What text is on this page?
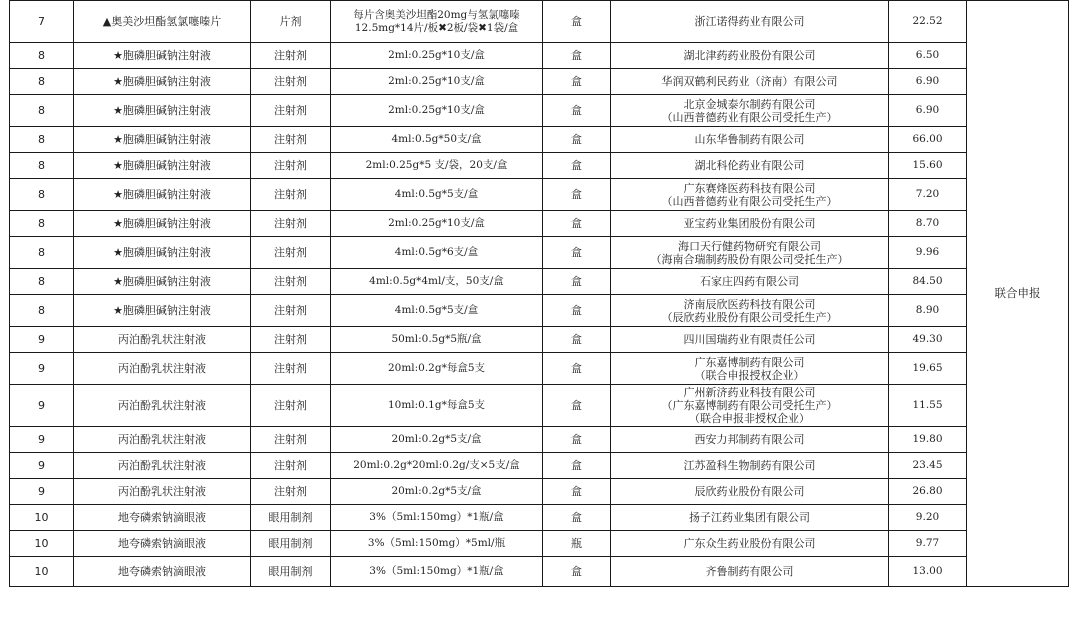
7	▲奥美沙坦酯氢氯噻嗪片	片剂	每片含奥美沙坦酯20mg与氢氯噻嗪
12.5mg*14片/板✖2板/袋✖1袋/盒	盒	浙江诺得药业有限公司	22.52	联合申报
8	★胞磷胆碱钠注射液	注射剂	2ml:0.25g*10支/盒	盒	湖北津药药业股份有限公司	6.50	
8	★胞磷胆碱钠注射液	注射剂	2ml:0.25g*10支/盒	盒	华润双鹤利民药业（济南）有限公司	6.90	
8	★胞磷胆碱钠注射液	注射剂	2ml:0.25g*10支/盒	盒	北京金城泰尔制药有限公司
（山西普德药业有限公司受托生产）	6.90	
8	★胞磷胆碱钠注射液	注射剂	4ml:0.5g*50支/盒	盒	山东华鲁制药有限公司	66.00	
8	★胞磷胆碱钠注射液	注射剂	2ml:0.25g*5 支/袋，20支/盒	盒	湖北科伦药业有限公司	15.60	
8	★胞磷胆碱钠注射液	注射剂	4ml:0.5g*5支/盒	盒	广东赛烽医药科技有限公司
（山西普德药业有限公司受托生产）	7.20	
8	★胞磷胆碱钠注射液	注射剂	2ml:0.25g*10支/盒	盒	亚宝药业集团股份有限公司	8.70	
8	★胞磷胆碱钠注射液	注射剂	4ml:0.5g*6支/盒	盒	海口天行健药物研究有限公司
（海南合瑞制药股份有限公司受托生产）	9.96	
8	★胞磷胆碱钠注射液	注射剂	4ml:0.5g*4ml/支，50支/盒	盒	石家庄四药有限公司	84.50	
8	★胞磷胆碱钠注射液	注射剂	4ml:0.5g*5支/盒	盒	济南辰欣医药科技有限公司
（辰欣药业股份有限公司受托生产）	8.90	
9	丙泊酚乳状注射液	注射剂	50ml:0.5g*5瓶/盒	盒	四川国瑞药业有限责任公司	49.30	
9	丙泊酚乳状注射液	注射剂	20ml:0.2g*每盒5支	盒	广东嘉博制药有限公司
（联合申报授权企业）	19.65	
9	丙泊酚乳状注射液	注射剂	10ml:0.1g*每盒5支	盒	广州新济药业科技有限公司
（广东嘉博制药有限公司受托生产）
（联合申报非授权企业）	11.55	
9	丙泊酚乳状注射液	注射剂	20ml:0.2g*5支/盒	盒	西安力邦制药有限公司	19.80	
9	丙泊酚乳状注射液	注射剂	20ml:0.2g*20ml:0.2g/支×5支/盒	盒	江苏盈科生物制药有限公司	23.45	
9	丙泊酚乳状注射液	注射剂	20ml:0.2g*5支/盒	盒	辰欣药业股份有限公司	26.80	
10	地夸磷索钠滴眼液	眼用制剂	3%（5ml:150mg）*1瓶/盒	盒	扬子江药业集团有限公司	9.20	
10	地夸磷索钠滴眼液	眼用制剂	3%（5ml:150mg）*5ml/瓶	瓶	广东众生药业股份有限公司	9.77	
10	地夸磷索钠滴眼液	眼用制剂	3%（5ml:150mg）*1瓶/盒	盒	齐鲁制药有限公司	13.00	
